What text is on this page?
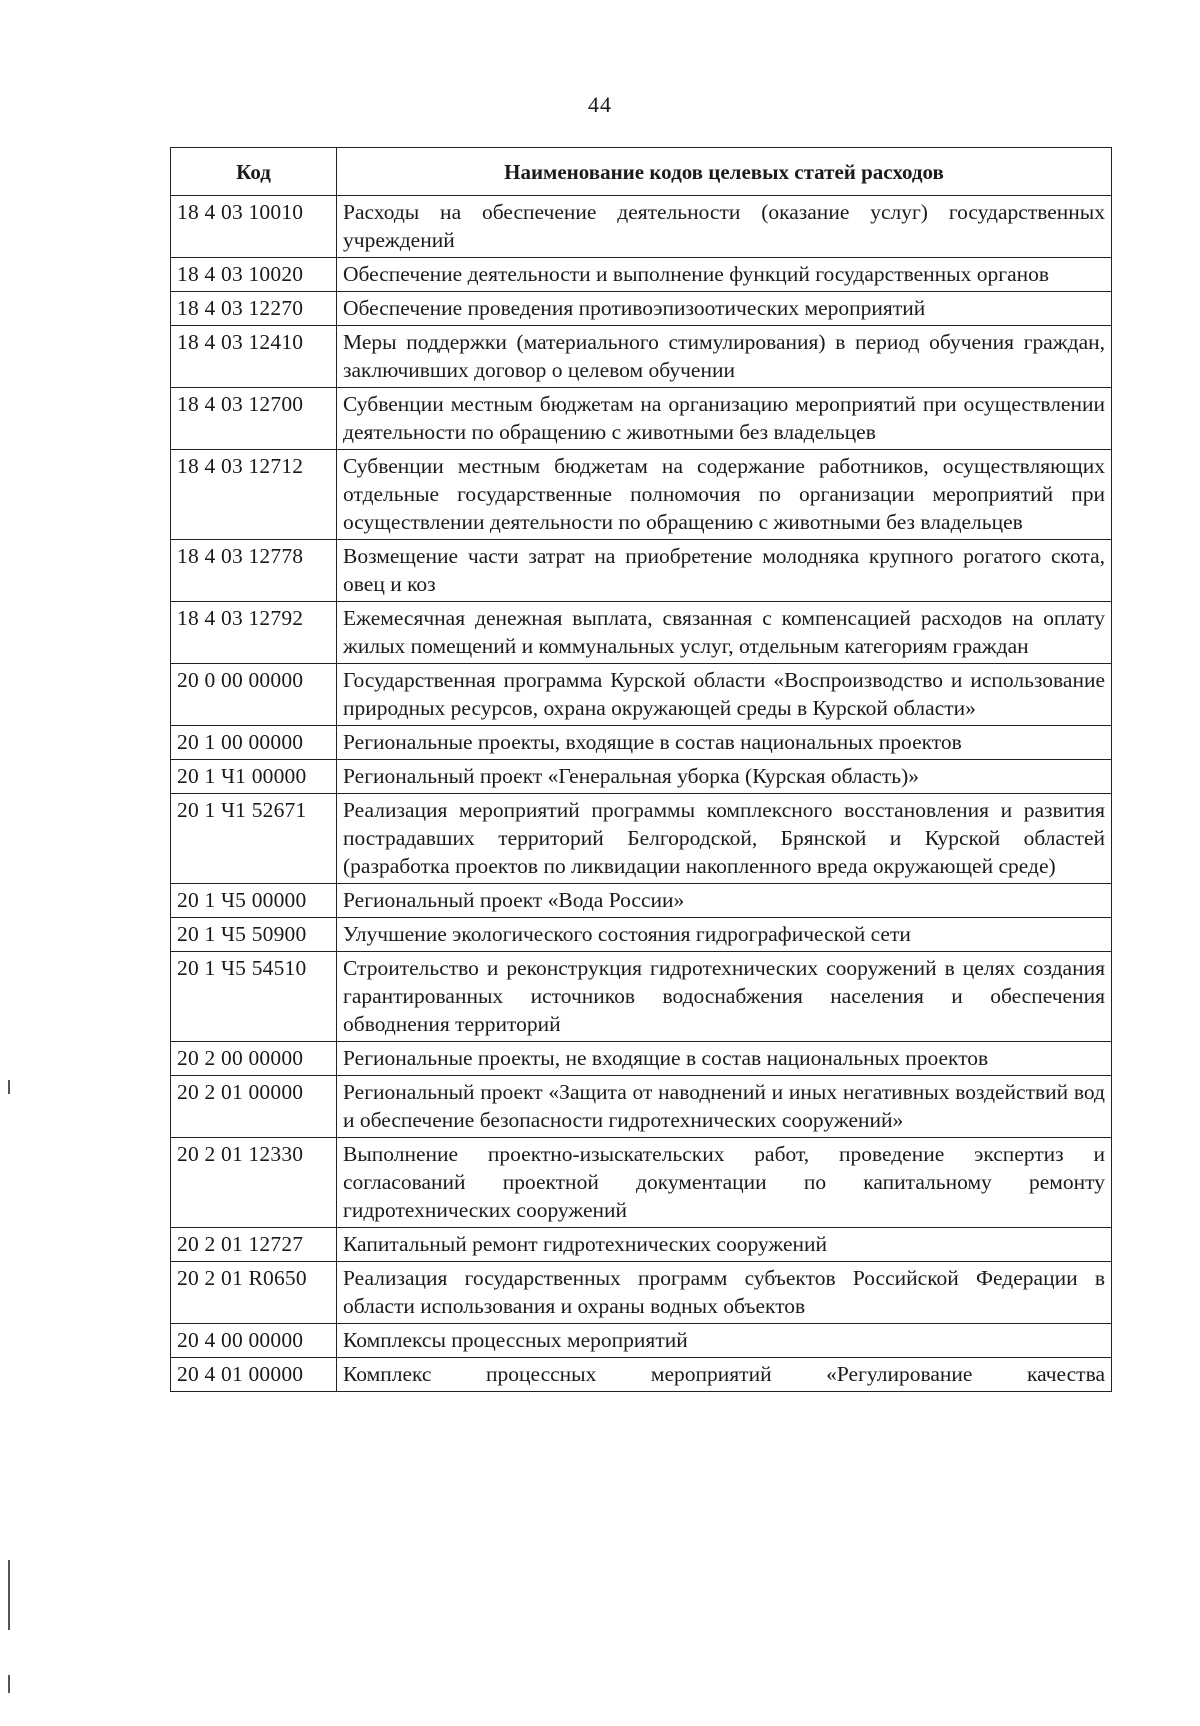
44
Код	Наименование кодов целевых статей расходов
18 4 03 10010	Расходы на обеспечение деятельности (оказание услуг) государственных учреждений
18 4 03 10020	Обеспечение деятельности и выполнение функций государственных органов
18 4 03 12270	Обеспечение проведения противоэпизоотических мероприятий
18 4 03 12410	Меры поддержки (материального стимулирования) в период обучения граждан, заключивших договор о целевом обучении
18 4 03 12700	Субвенции местным бюджетам на организацию мероприятий при осуществлении деятельности по обращению с животными без владельцев
18 4 03 12712	Субвенции местным бюджетам на содержание работников, осуществляющих отдельные государственные полномочия по организации мероприятий при осуществлении деятельности по обращению с животными без владельцев
18 4 03 12778	Возмещение части затрат на приобретение молодняка крупного рогатого скота, овец и коз
18 4 03 12792	Ежемесячная денежная выплата, связанная с компенсацией расходов на оплату жилых помещений и коммунальных услуг, отдельным категориям граждан
20 0 00 00000	Государственная программа Курской области «Воспроизводство и использование природных ресурсов, охрана окружающей среды в Курской области»
20 1 00 00000	Региональные проекты, входящие в состав национальных проектов
20 1 Ч1 00000	Региональный проект «Генеральная уборка (Курская область)»
20 1 Ч1 52671	Реализация мероприятий программы комплексного восстановления и развития пострадавших территорий Белгородской, Брянской и Курской областей (разработка проектов по ликвидации накопленного вреда окружающей среде)
20 1 Ч5 00000	Региональный проект «Вода России»
20 1 Ч5 50900	Улучшение экологического состояния гидрографической сети
20 1 Ч5 54510	Строительство и реконструкция гидротехнических сооружений в целях создания гарантированных источников водоснабжения населения и обеспечения обводнения территорий
20 2 00 00000	Региональные проекты, не входящие в состав национальных проектов
20 2 01 00000	Региональный проект «Защита от наводнений и иных негативных воздействий вод и обеспечение безопасности гидротехнических сооружений»
20 2 01 12330	Выполнение проектно-изыскательских работ, проведение экспертиз и согласований проектной документации по капитальному ремонту гидротехнических сооружений
20 2 01 12727	Капитальный ремонт гидротехнических сооружений
20 2 01 R0650	Реализация государственных программ субъектов Российской Федерации в области использования и охраны водных объектов
20 4 00 00000	Комплексы процессных мероприятий
20 4 01 00000	Комплекс процессных мероприятий «Регулирование качества
